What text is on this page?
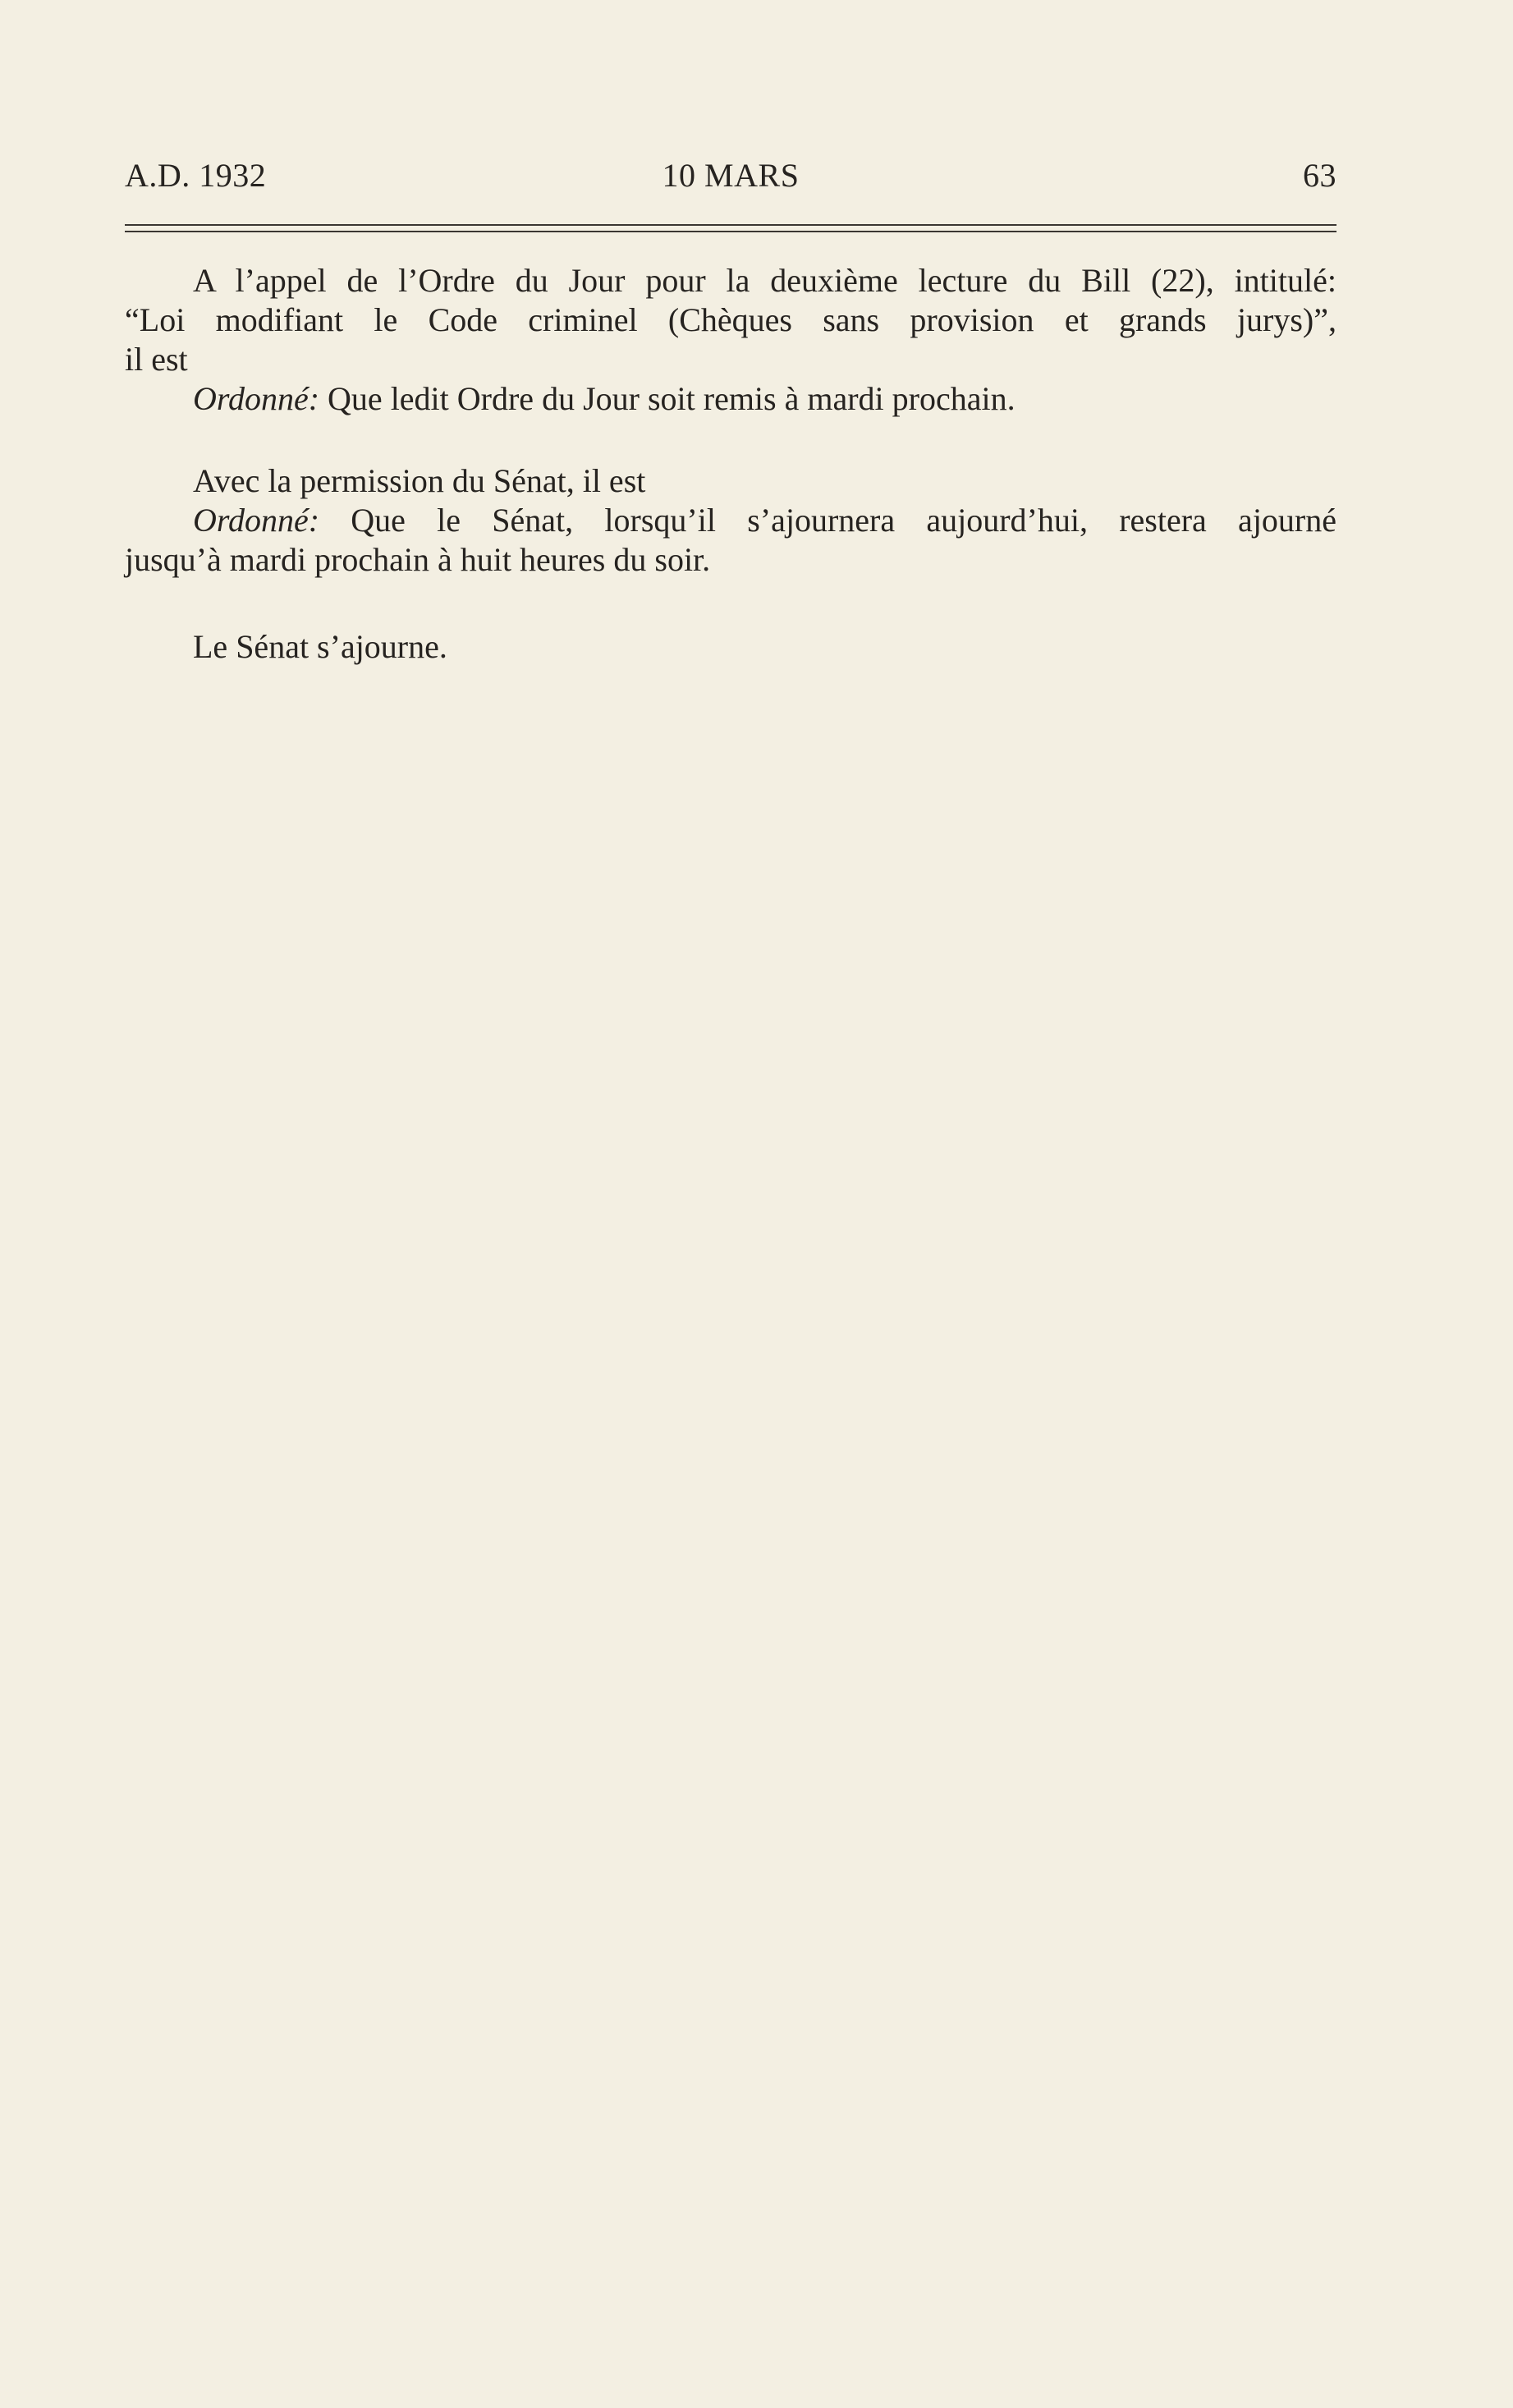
A.D. 1932	10 MARS	63
A l’appel de l’Ordre du Jour pour la deuxième lecture du Bill (22), intitulé:
“Loi modifiant le Code criminel (Chèques sans provision et grands jurys)”,
il est
Ordonné: Que ledit Ordre du Jour soit remis à mardi prochain.
Avec la permission du Sénat, il est
Ordonné: Que le Sénat, lorsqu’il s’ajournera aujourd’hui, restera ajourné
jusqu’à mardi prochain à huit heures du soir.
Le Sénat s’ajourne.
